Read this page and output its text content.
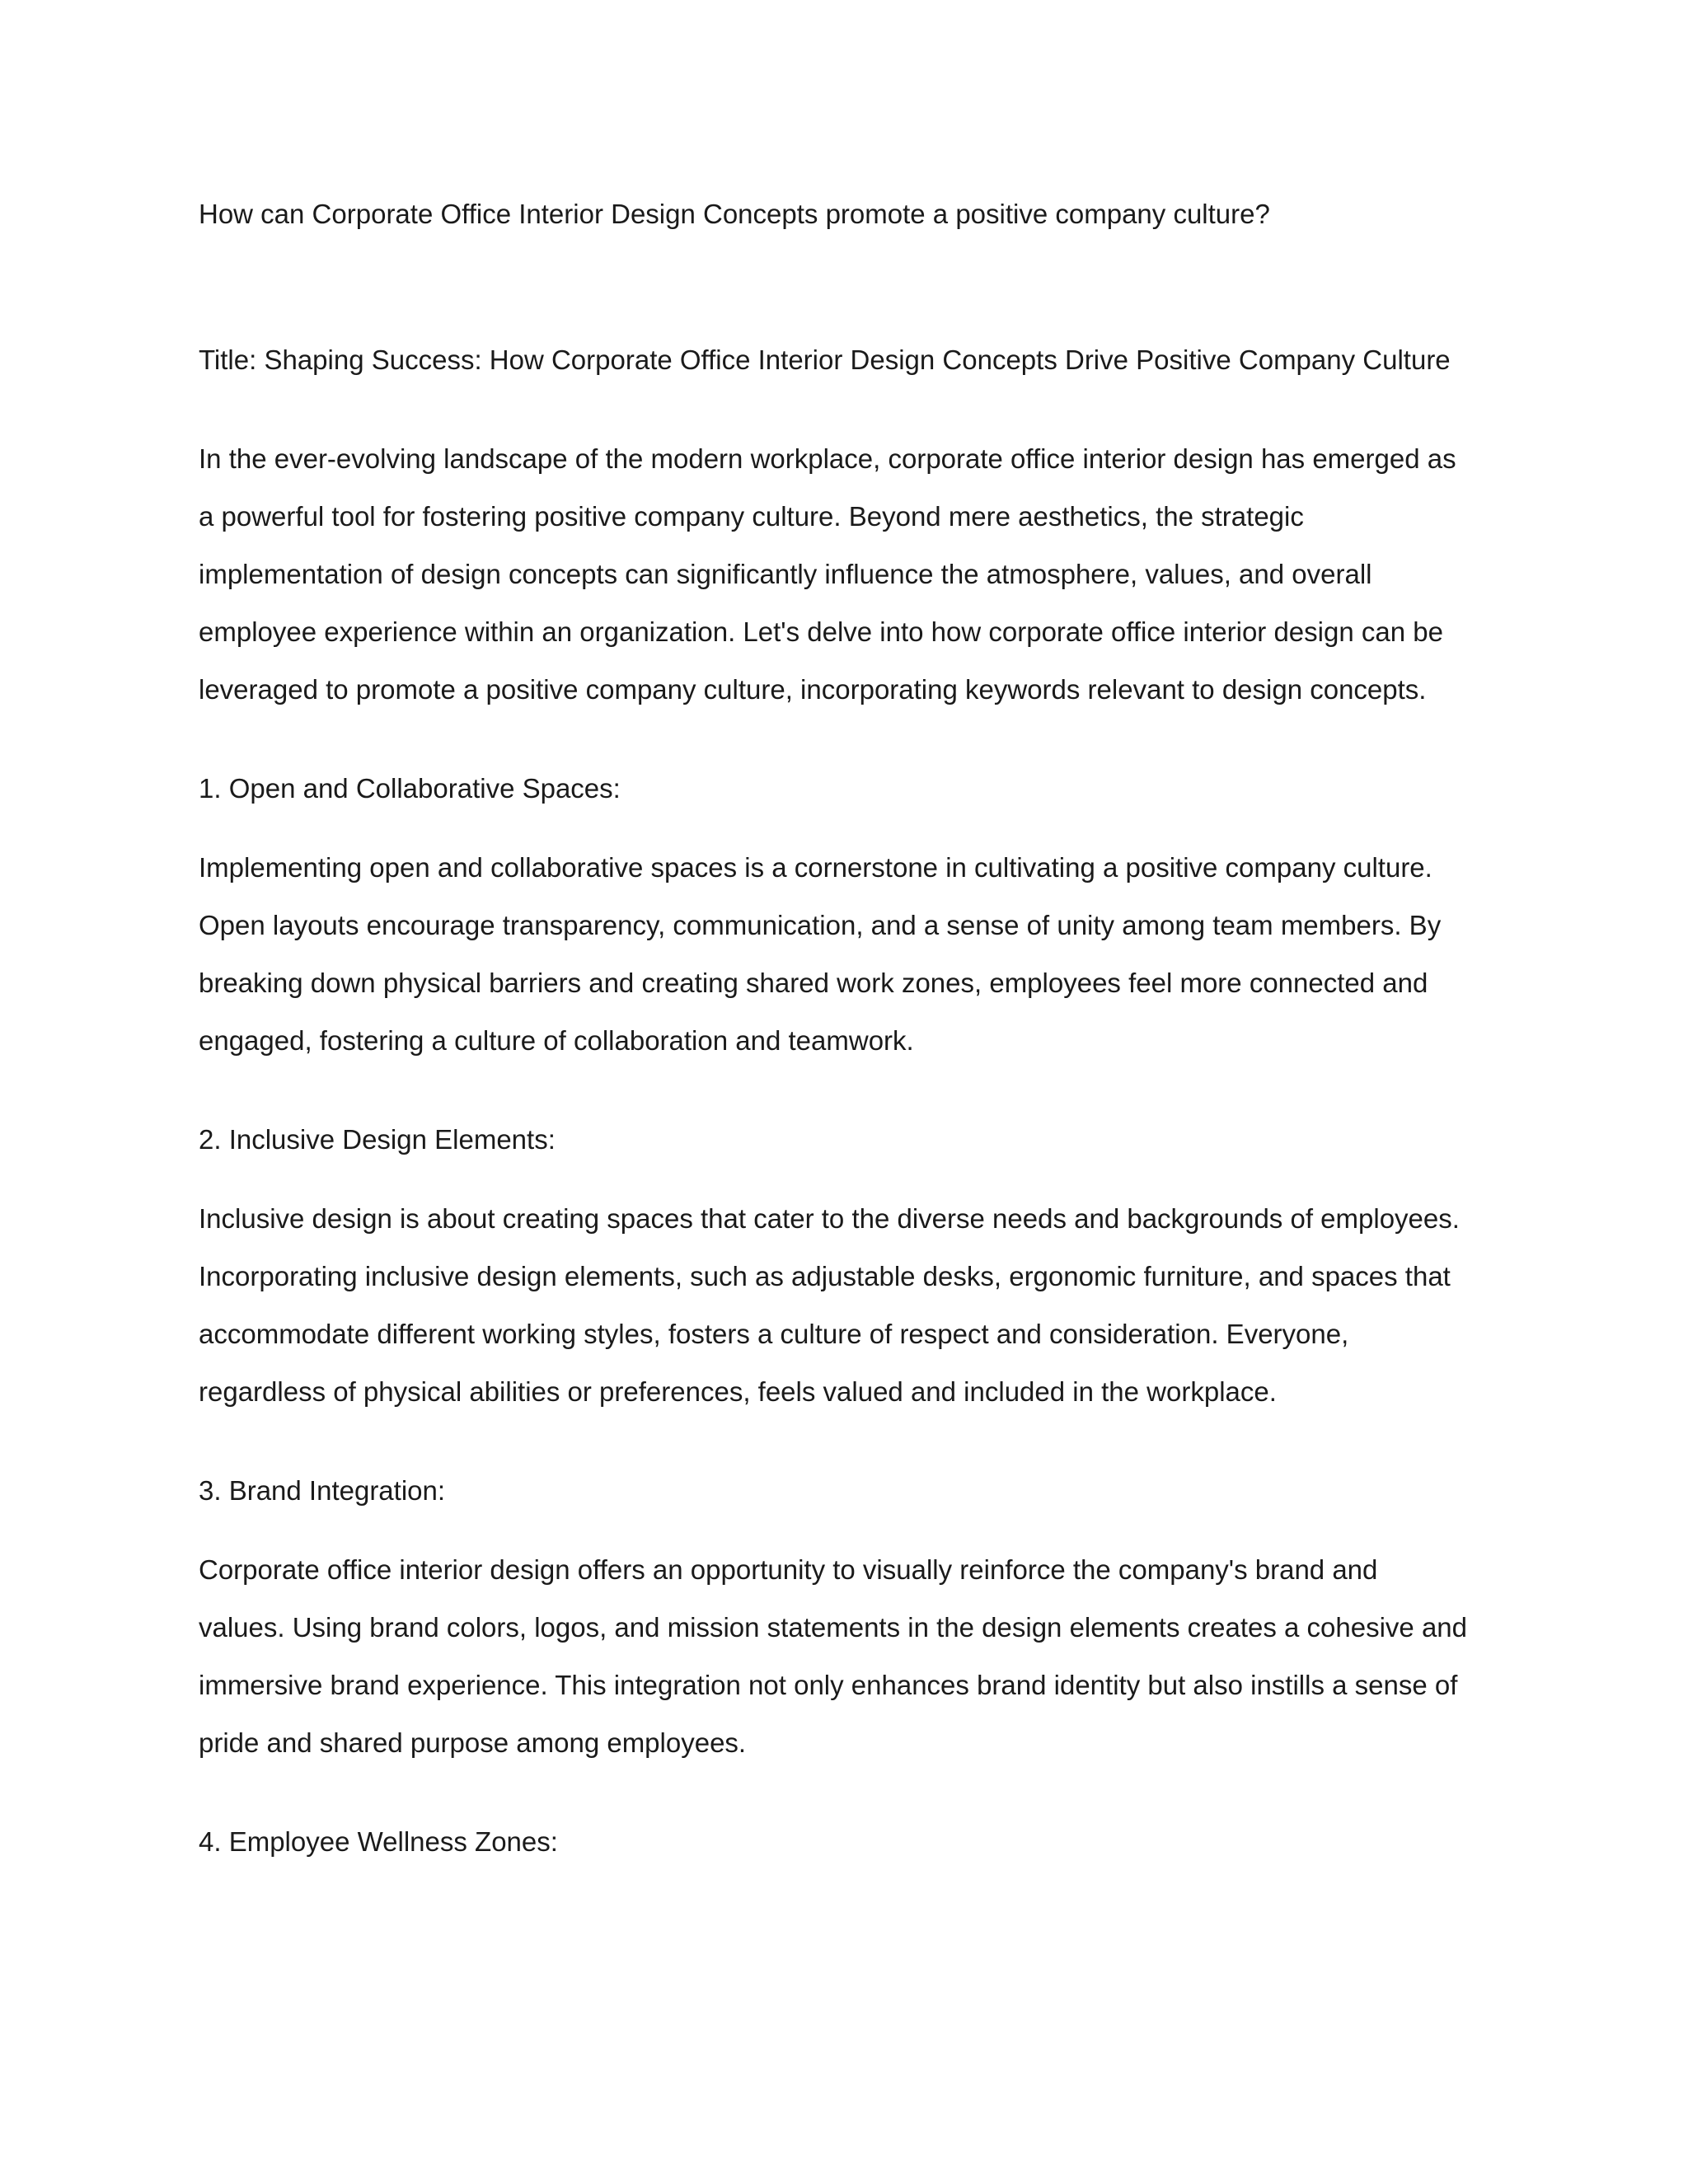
How can Corporate Office Interior Design Concepts promote a positive company culture?

Title: Shaping Success: How Corporate Office Interior Design Concepts Drive Positive Company Culture

In the ever-evolving landscape of the modern workplace, corporate office interior design has emerged as
a powerful tool for fostering positive company culture. Beyond mere aesthetics, the strategic
implementation of design concepts can significantly influence the atmosphere, values, and overall
employee experience within an organization. Let's delve into how corporate office interior design can be
leveraged to promote a positive company culture, incorporating keywords relevant to design concepts.

1. Open and Collaborative Spaces:

Implementing open and collaborative spaces is a cornerstone in cultivating a positive company culture.
Open layouts encourage transparency, communication, and a sense of unity among team members. By
breaking down physical barriers and creating shared work zones, employees feel more connected and
engaged, fostering a culture of collaboration and teamwork.

2. Inclusive Design Elements:

Inclusive design is about creating spaces that cater to the diverse needs and backgrounds of employees.
Incorporating inclusive design elements, such as adjustable desks, ergonomic furniture, and spaces that
accommodate different working styles, fosters a culture of respect and consideration. Everyone,
regardless of physical abilities or preferences, feels valued and included in the workplace.

3. Brand Integration:

Corporate office interior design offers an opportunity to visually reinforce the company's brand and
values. Using brand colors, logos, and mission statements in the design elements creates a cohesive and
immersive brand experience. This integration not only enhances brand identity but also instills a sense of
pride and shared purpose among employees.

4. Employee Wellness Zones:
